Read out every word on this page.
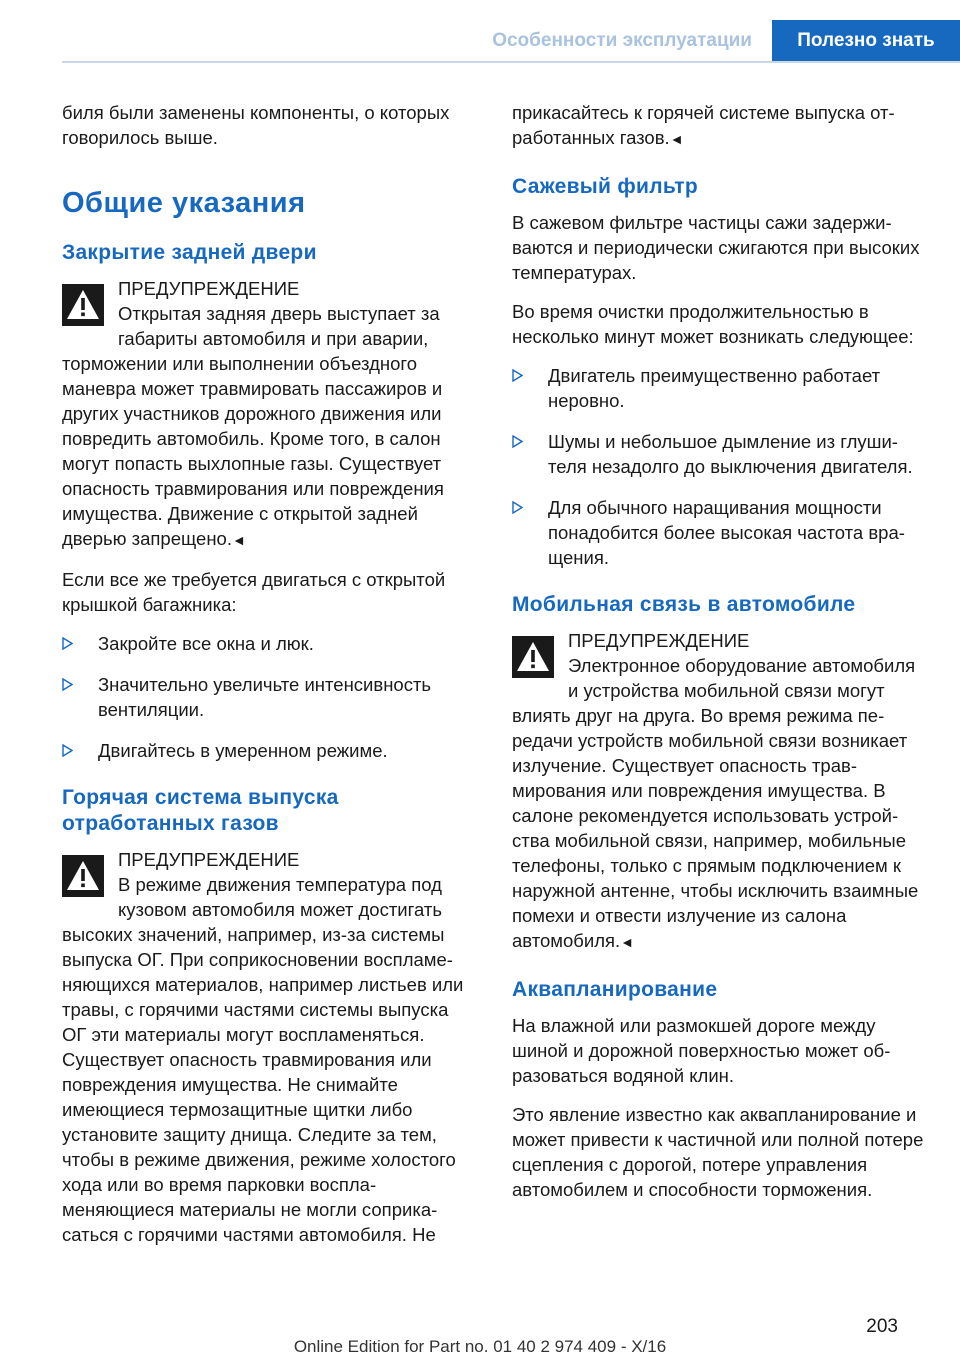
Особенности эксплуатации	Полезно знать

биля были заменены компоненты, о которых говорилось выше.

Общие указания
Закрытие задней двери
ПРЕДУПРЕЖДЕНИЕ

Открытая задняя дверь выступает за габариты автомобиля и при аварии, торможении или выполнении объездного маневра может травмировать пассажиров и других участников дорожного движения или повредить автомобиль. Кроме того, в салон могут попасть выхлопные газы. Существует опасность травмирования или повреждения имущества. Движение с открытой задней дверью запрещено.◄

Если все же требуется двигаться с открытой крышкой багажника:

Закройте все окна и люк.
Значительно увеличьте интенсивность вентиляции.
Двигайтесь в умеренном режиме.
Горячая система выпуска отработанных газов
ПРЕДУПРЕЖДЕНИЕ

В режиме движения температура под кузовом автомобиля может достигать высоких значений, например, из-за системы выпуска ОГ. При соприкосновении воспламеняющихся материалов, например листьев или травы, с горячими частями системы выпуска ОГ эти материалы могут воспламеняться. Существует опасность травмирования или повреждения имущества. Не снимайте имеющиеся термозащитные щитки либо установите защиту днища. Следите за тем, чтобы в режиме движения, режиме холостого хода или во время парковки воспламеняющиеся материалы не могли соприкасаться с горячими частями автомобиля. Не

прикасайтесь к горячей системе выпуска отработанных газов.◄

Сажевый фильтр

В сажевом фильтре частицы сажи задерживаются и периодически сжигаются при высоких температурах.

Во время очистки продолжительностью в несколько минут может возникать следующее:

Двигатель преимущественно работает неровно.
Шумы и небольшое дымление из глушителя незадолго до выключения двигателя.
Для обычного наращивания мощности понадобится более высокая частота вращения.
Мобильная связь в автомобиле
ПРЕДУПРЕЖДЕНИЕ

Электронное оборудование автомобиля и устройства мобильной связи могут влиять друг на друга. Во время режима передачи устройств мобильной связи возникает излучение. Существует опасность травмирования или повреждения имущества. В салоне рекомендуется использовать устройства мобильной связи, например, мобильные телефоны, только с прямым подключением к наружной антенне, чтобы исключить взаимные помехи и отвести излучение из салона автомобиля.◄

Аквапланирование

На влажной или размокшей дороге между шиной и дорожной поверхностью может образоваться водяной клин.

Это явление известно как аквапланирование и может привести к частичной или полной потере сцепления с дорогой, потере управления автомобилем и способности торможения.

203
Online Edition for Part no. 01 40 2 974 409 - X/16
